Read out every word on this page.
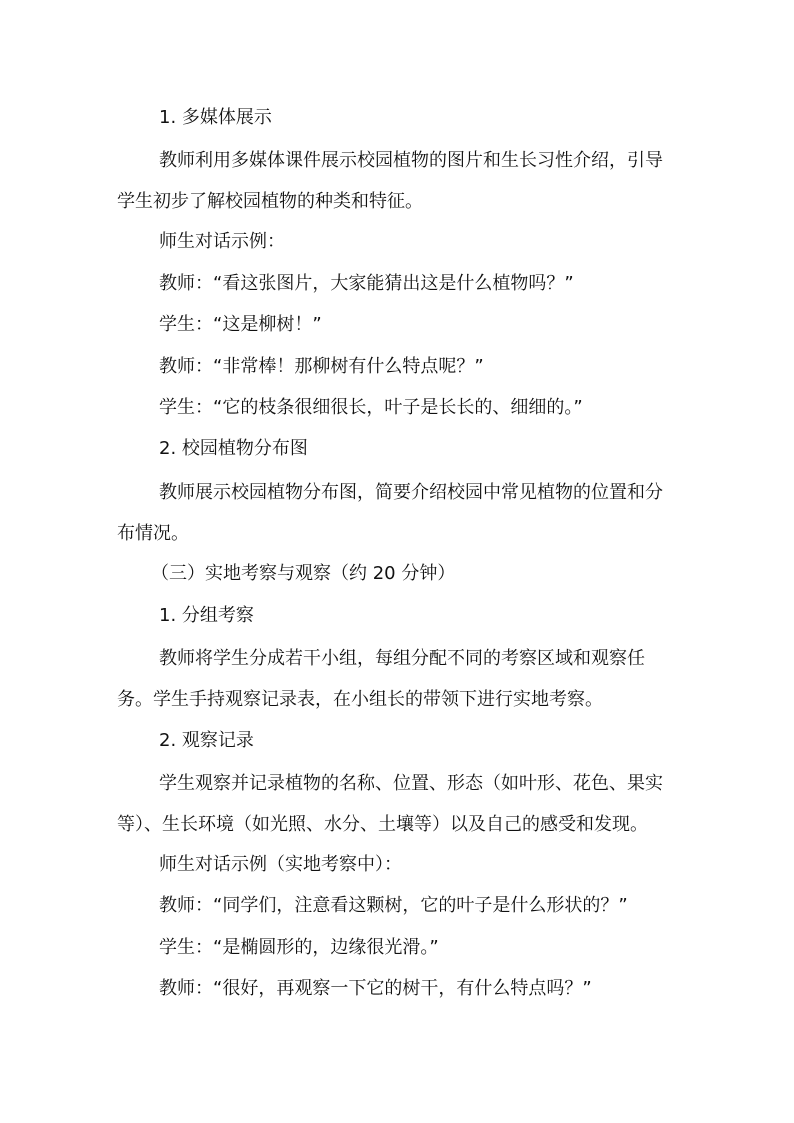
1. 多媒体展示

教师利用多媒体课件展示校园植物的图片和生长习性介绍，引导学生初步了解校园植物的种类和特征。

师生对话示例：
教师：“看这张图片，大家能猜出这是什么植物吗？”
学生：“这是柳树！”
教师：“非常棒！那柳树有什么特点呢？”
学生：“它的枝条很细很长，叶子是长长的、细细的。”
2. 校园植物分布图

教师展示校园植物分布图，简要介绍校园中常见植物的位置和分布情况。

（三）实地考察与观察（约 20 分钟）
1. 分组考察

教师将学生分成若干小组，每组分配不同的考察区域和观察任务。学生手持观察记录表，在小组长的带领下进行实地考察。

2. 观察记录

学生观察并记录植物的名称、位置、形态（如叶形、花色、果实等）、生长环境（如光照、水分、土壤等）以及自己的感受和发现。

师生对话示例（实地考察中）：
教师：“同学们，注意看这颗树，它的叶子是什么形状的？”
学生：“是椭圆形的，边缘很光滑。”
教师：“很好，再观察一下它的树干，有什么特点吗？”
